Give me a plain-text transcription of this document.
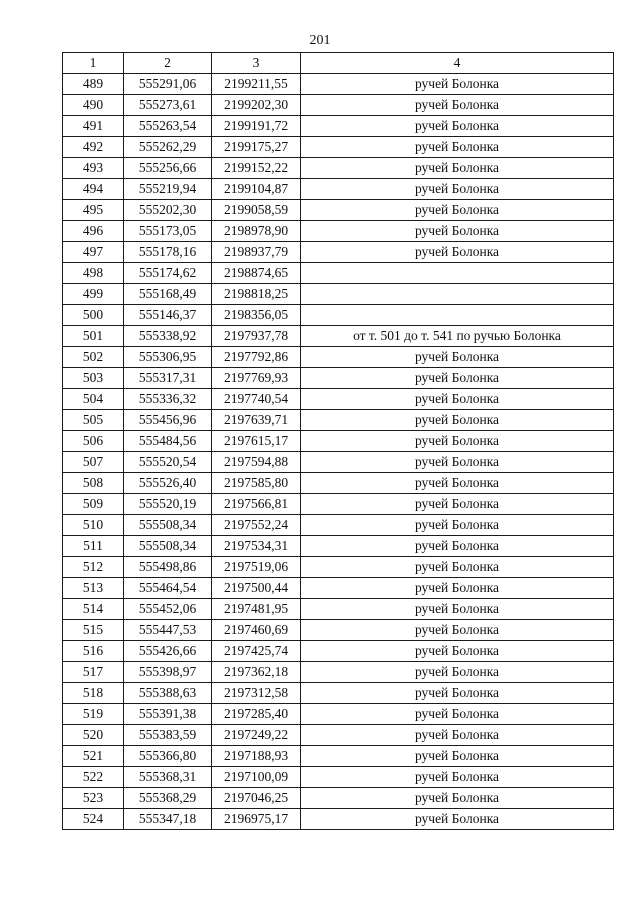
201
1	2	3	4
489	555291,06	2199211,55	ручей Болонка
490	555273,61	2199202,30	ручей Болонка
491	555263,54	2199191,72	ручей Болонка
492	555262,29	2199175,27	ручей Болонка
493	555256,66	2199152,22	ручей Болонка
494	555219,94	2199104,87	ручей Болонка
495	555202,30	2199058,59	ручей Болонка
496	555173,05	2198978,90	ручей Болонка
497	555178,16	2198937,79	ручей Болонка
498	555174,62	2198874,65	
499	555168,49	2198818,25	
500	555146,37	2198356,05	
501	555338,92	2197937,78	от т. 501 до т. 541 по ручью Болонка
502	555306,95	2197792,86	ручей Болонка
503	555317,31	2197769,93	ручей Болонка
504	555336,32	2197740,54	ручей Болонка
505	555456,96	2197639,71	ручей Болонка
506	555484,56	2197615,17	ручей Болонка
507	555520,54	2197594,88	ручей Болонка
508	555526,40	2197585,80	ручей Болонка
509	555520,19	2197566,81	ручей Болонка
510	555508,34	2197552,24	ручей Болонка
511	555508,34	2197534,31	ручей Болонка
512	555498,86	2197519,06	ручей Болонка
513	555464,54	2197500,44	ручей Болонка
514	555452,06	2197481,95	ручей Болонка
515	555447,53	2197460,69	ручей Болонка
516	555426,66	2197425,74	ручей Болонка
517	555398,97	2197362,18	ручей Болонка
518	555388,63	2197312,58	ручей Болонка
519	555391,38	2197285,40	ручей Болонка
520	555383,59	2197249,22	ручей Болонка
521	555366,80	2197188,93	ручей Болонка
522	555368,31	2197100,09	ручей Болонка
523	555368,29	2197046,25	ручей Болонка
524	555347,18	2196975,17	ручей Болонка
